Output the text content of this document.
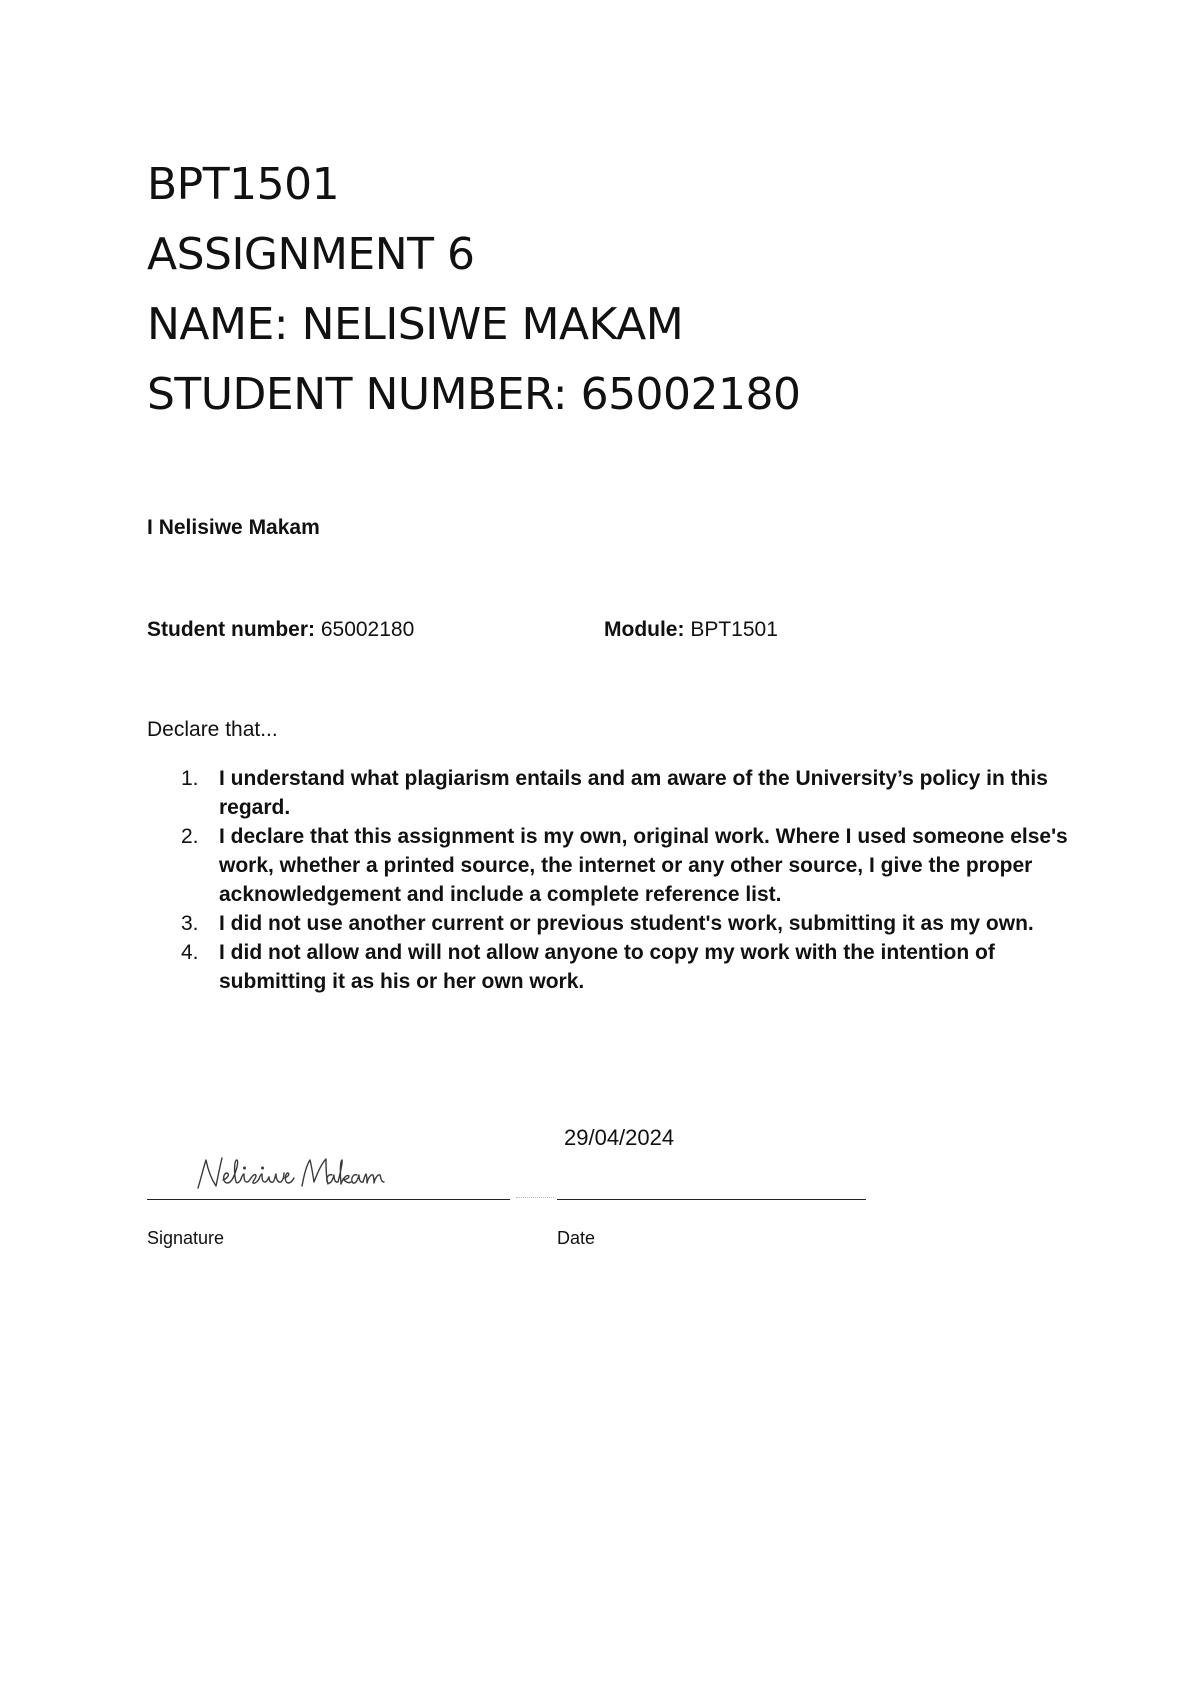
BPT1501
ASSIGNMENT 6
NAME: NELISIWE MAKAM
STUDENT NUMBER: 65002180
I Nelisiwe Makam
Student number: 65002180	Module: BPT1501
Declare that...
1. I understand what plagiarism entails and am aware of the University’s policy in this regard.
2. I declare that this assignment is my own, original work. Where I used someone else's work, whether a printed source, the internet or any other source, I give the proper acknowledgement and include a complete reference list.
3. I did not use another current or previous student's work, submitting it as my own.
4. I did not allow and will not allow anyone to copy my work with the intention of submitting it as his or her own work.
29/04/2024
Signature	Date
